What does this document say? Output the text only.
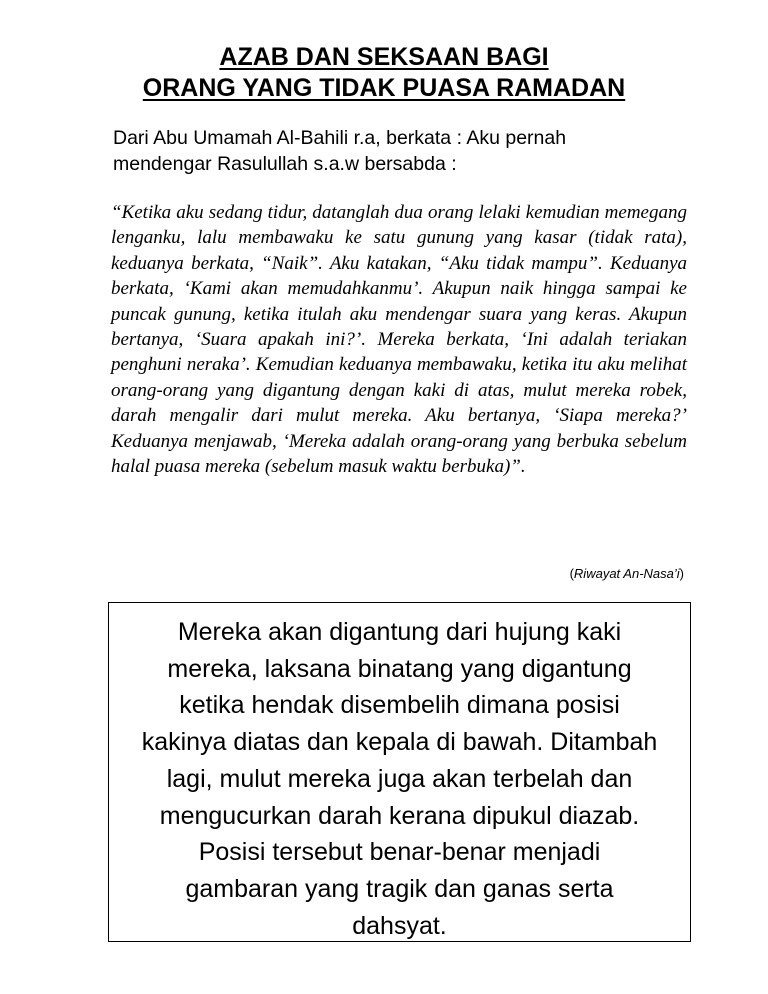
AZAB DAN SEKSAAN BAGI
ORANG YANG TIDAK PUASA RAMADAN

Dari Abu Umamah Al-Bahili r.a, berkata : Aku pernah
mendengar Rasulullah s.a.w bersabda :

“Ketika aku sedang tidur, datanglah dua orang lelaki kemudian memegang lenganku, lalu membawaku ke satu gunung yang kasar (tidak rata), keduanya berkata, “Naik”. Aku katakan, “Aku tidak mampu”. Keduanya berkata, ‘Kami akan memudahkanmu’. Akupun naik hingga sampai ke puncak gunung, ketika itulah aku mendengar suara yang keras. Akupun bertanya, ‘Suara apakah ini?’. Mereka berkata, ‘Ini adalah teriakan penghuni neraka’. Kemudian keduanya membawaku, ketika itu aku melihat orang-orang yang digantung dengan kaki di atas, mulut mereka robek, darah mengalir dari mulut mereka. Aku bertanya, ‘Siapa mereka?’ Keduanya menjawab, ‘Mereka adalah orang-orang yang berbuka sebelum halal puasa mereka (sebelum masuk waktu berbuka)”.

(Riwayat An-Nasa’i)

Mereka akan digantung dari hujung kaki
mereka, laksana binatang yang digantung
ketika hendak disembelih dimana posisi
kakinya diatas dan kepala di bawah. Ditambah
lagi, mulut mereka juga akan terbelah dan
mengucurkan darah kerana dipukul diazab.
Posisi tersebut benar-benar menjadi
gambaran yang tragik dan ganas serta
dahsyat.
